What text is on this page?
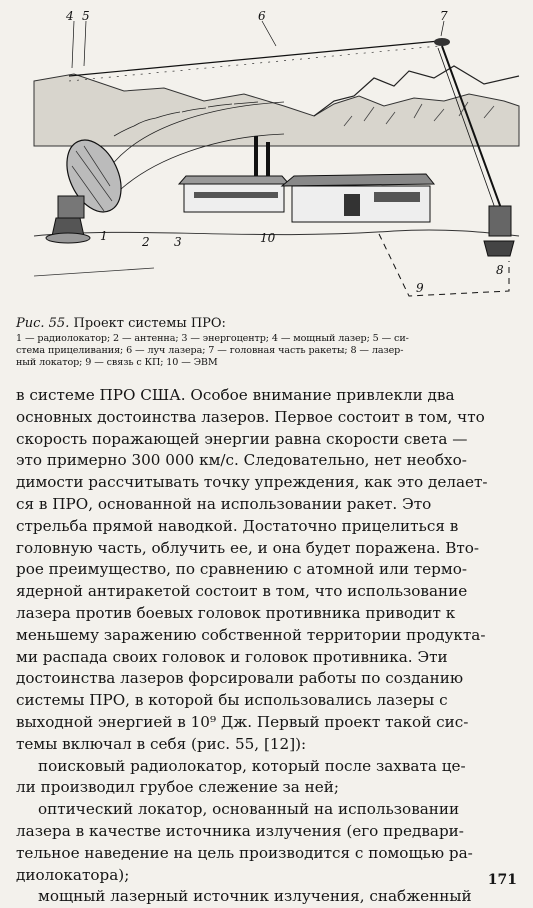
4 5	6	7
1	2 3	10
8
9
Рис. 55. Проект системы ПРО:
1 — радиолокатор; 2 — антенна; 3 — энергоцентр; 4 — мощный лазер; 5 — си-
стема прицеливания; 6 — луч лазера; 7 — головная часть ракеты; 8 — лазер-
ный локатор; 9 — связь с КП; 10 — ЭВМ
в системе ПРО США. Особое внимание привлекли два
основных достоинства лазеров. Первое состоит в том, что
скорость поражающей энергии равна скорости света —
это примерно 300 000 км/с. Следовательно, нет необхо-
димости рассчитывать точку упреждения, как это делает-
ся в ПРО, основанной на использовании ракет. Это
стрельба прямой наводкой. Достаточно прицелиться в
головную часть, облучить ее, и она будет поражена. Вто-
рое преимущество, по сравнению с атомной или термо-
ядерной антиракетой состоит в том, что использование
лазера против боевых головок противника приводит к
меньшему заражению собственной территории продукта-
ми распада своих головок и головок противника. Эти
достоинства лазеров форсировали работы по созданию
системы ПРО, в которой бы использовались лазеры с
выходной энергией в 10⁹ Дж. Первый проект такой сис-
темы включал в себя (рис. 55, [12]):
поисковый радиолокатор, который после захвата це-
ли производил грубое слежение за ней;
оптический локатор, основанный на использовании
лазера в качестве источника излучения (его предвари-
тельное наведение на цель производится с помощью ра-
диолокатора);
мощный лазерный источник излучения, снабженный
171
